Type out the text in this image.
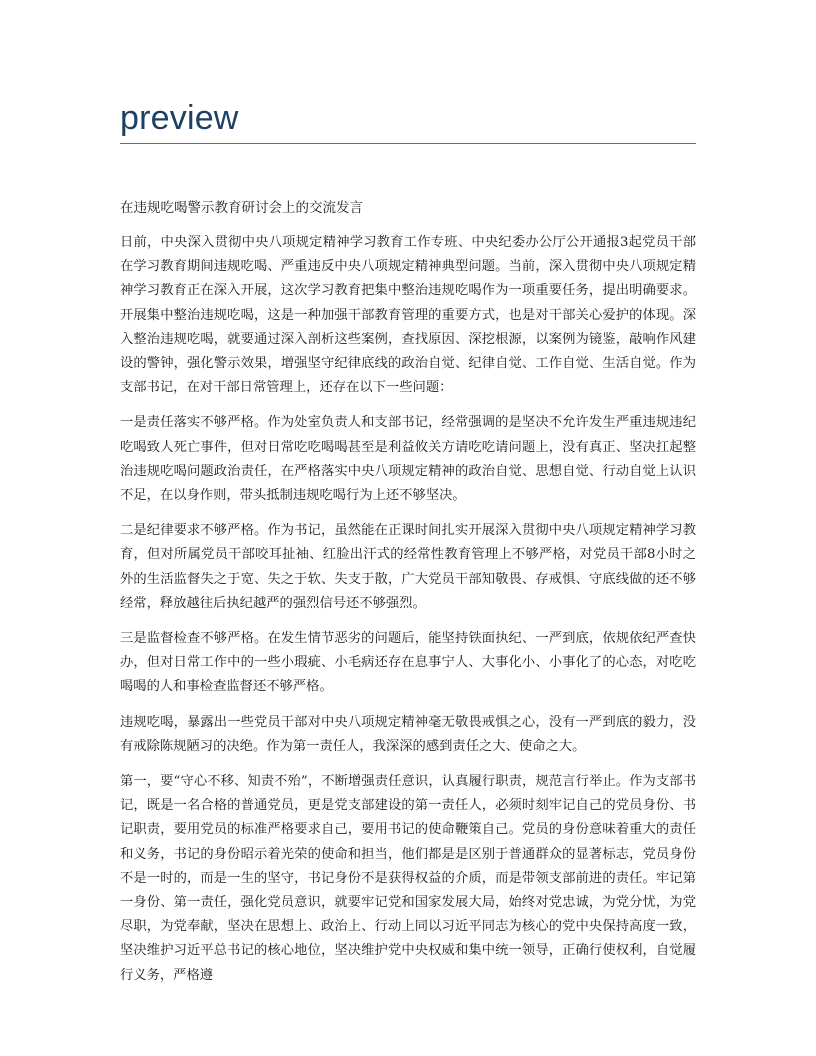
preview

在违规吃喝警示教育研讨会上的交流发言

日前，中央深入贯彻中央八项规定精神学习教育工作专班、中央纪委办公厅公开通报3起党员干部在学习教育期间违规吃喝、严重违反中央八项规定精神典型问题。当前，深入贯彻中央八项规定精神学习教育正在深入开展，这次学习教育把集中整治违规吃喝作为一项重要任务，提出明确要求。开展集中整治违规吃喝，这是一种加强干部教育管理的重要方式，也是对干部关心爱护的体现。深入整治违规吃喝，就要通过深入剖析这些案例，查找原因、深挖根源，以案例为镜鉴，敲响作风建设的警钟，强化警示效果，增强坚守纪律底线的政治自觉、纪律自觉、工作自觉、生活自觉。作为支部书记，在对干部日常管理上，还存在以下一些问题：

一是责任落实不够严格。作为处室负责人和支部书记，经常强调的是坚决不允许发生严重违规违纪吃喝致人死亡事件，但对日常吃吃喝喝甚至是利益攸关方请吃吃请问题上，没有真正、坚决扛起整治违规吃喝问题政治责任，在严格落实中央八项规定精神的政治自觉、思想自觉、行动自觉上认识不足，在以身作则，带头抵制违规吃喝行为上还不够坚决。

二是纪律要求不够严格。作为书记，虽然能在正课时间扎实开展深入贯彻中央八项规定精神学习教育，但对所属党员干部咬耳扯袖、红脸出汗式的经常性教育管理上不够严格，对党员干部8小时之外的生活监督失之于宽、失之于软、失支于散，广大党员干部知敬畏、存戒惧、守底线做的还不够经常，释放越往后执纪越严的强烈信号还不够强烈。

三是监督检查不够严格。在发生情节恶劣的问题后，能坚持铁面执纪、一严到底，依规依纪严查快办，但对日常工作中的一些小瑕疵、小毛病还存在息事宁人、大事化小、小事化了的心态，对吃吃喝喝的人和事检查监督还不够严格。

违规吃喝，暴露出一些党员干部对中央八项规定精神毫无敬畏戒惧之心，没有一严到底的毅力，没有戒除陈规陋习的决绝。作为第一责任人，我深深的感到责任之大、使命之大。

第一，要“守心不移、知责不殆”，不断增强责任意识，认真履行职责，规范言行举止。作为支部书记，既是一名合格的普通党员，更是党支部建设的第一责任人，必须时刻牢记自己的党员身份、书记职责，要用党员的标准严格要求自己，要用书记的使命鞭策自己。党员的身份意味着重大的责任和义务，书记的身份昭示着光荣的使命和担当，他们都是是区别于普通群众的显著标志，党员身份不是一时的，而是一生的坚守，书记身份不是获得权益的介质，而是带领支部前进的责任。牢记第一身份、第一责任，强化党员意识，就要牢记党和国家发展大局，始终对党忠诚，为党分忧，为党尽职，为党奉献，坚决在思想上、政治上、行动上同以习近平同志为核心的党中央保持高度一致，坚决维护习近平总书记的核心地位，坚决维护党中央权威和集中统一领导，正确行使权利，自觉履行义务，严格遵
